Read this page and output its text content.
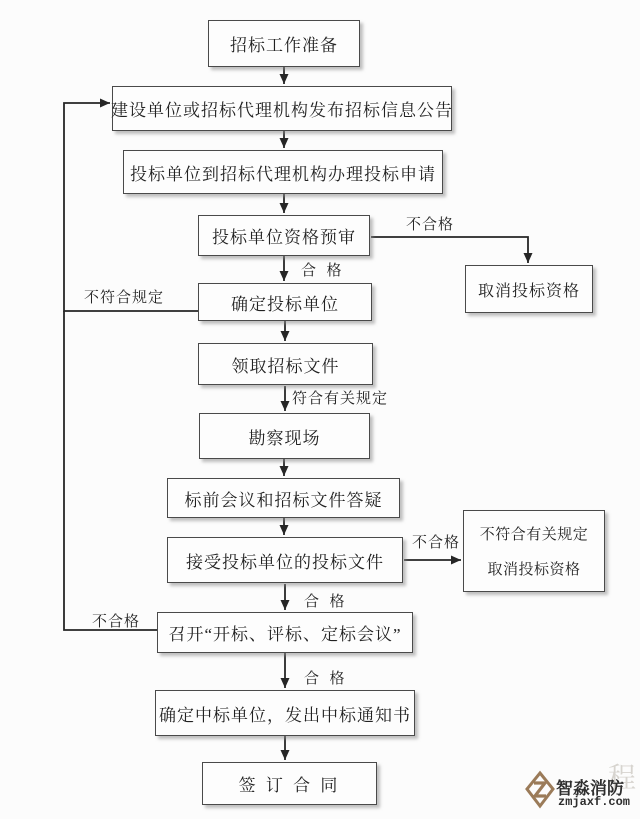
招标工作准备
建设单位或招标代理机构发布招标信息公告
投标单位到招标代理机构办理投标申请
投标单位资格预审
确定投标单位
领取招标文件
勘察现场
标前会议和招标文件答疑
接受投标单位的投标文件
召开“开标、评标、定标会议”
确定中标单位，发出中标通知书
签 订 合 同
取消投标资格
不符合有关规定
取消投标资格
合  格
不合格
不符合规定
符合有关规定
不合格
合  格
不合格
合  格
程
智淼消防
zmjaxf.com
